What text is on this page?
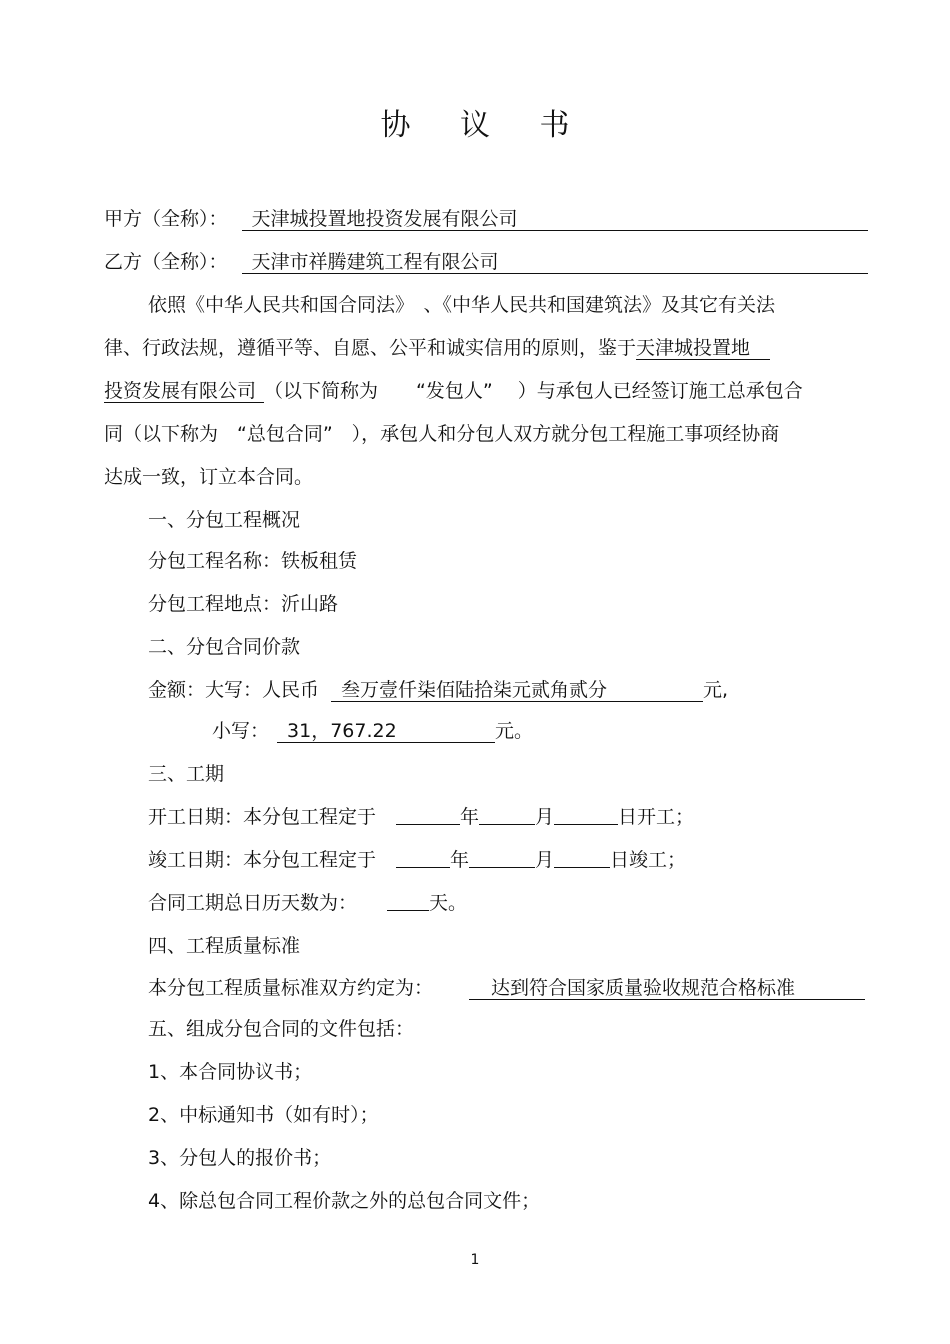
协 议 书
甲方（全称）： 天津城投置地投资发展有限公司
乙方（全称）： 天津市祥腾建筑工程有限公司
依照《中华人民共和国合同法》　、《中华人民共和国建筑法》及其它有关法
律、行政法规，遵循平等、自愿、公平和诚实信用的原则，鉴于天津城投置地
投资发展有限公司 （以下简称为　　“发包人”　 ）与承包人已经签订施工总承包合
同（以下称为　“总包合同”　），承包人和分包人双方就分包工程施工事项经协商
达成一致，订立本合同。
一、分包工程概况
分包工程名称：铁板租赁
分包工程地点：沂山路
二、分包合同价款
金额：大写：人民币 叁万壹仟柒佰陆拾柒元贰角贰分	元,
小写： 31，767.22	元。
三、工期
开工日期：本分包工程定于	年	月	日开工；
竣工日期：本分包工程定于	年	月	日竣工；
合同工期总日历天数为：	天。
四、工程质量标准
本分包工程质量标准双方约定为：	达到符合国家质量验收规范合格标准
五、组成分包合同的文件包括：
1、本合同协议书；
2、中标通知书（如有时）；
3、分包人的报价书；
4、除总包合同工程价款之外的总包合同文件；
1
